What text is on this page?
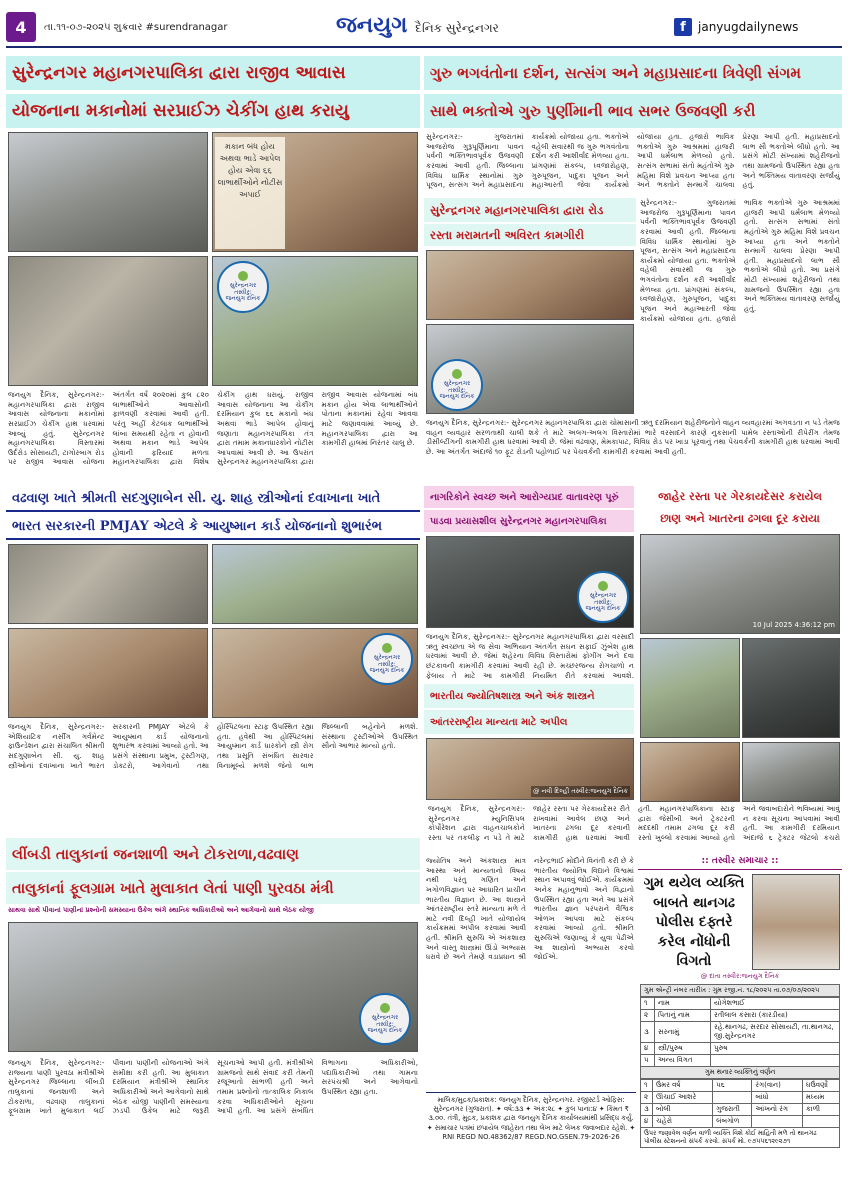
4	તા.૧૧-૦૭-૨૦૨૫ શુક્રવાર #surendranagar	જનયુગ દૈનિક સુરેન્દ્રનગર	f	janyugdailynews
સુરેન્દ્રનગર મહાનગરપાલિકા દ્વારા રાજીવ આવાસ
યોજનાના મકાનોમાં સરપ્રાઈઝ ચેકીંગ હાથ કરાયુ
મકાન બંધ હોય અથવા ભાડે આપેલ હોય એવા ૬૬ લાભાર્થીઓને નોટીસ અપાઈ
સુરેન્દ્રનગર
તસ્વીર:
જનયુગ દૈનિક
જનયુગ દૈનિક, સુરેન્દ્રનગર:- મહાનગરપાલિકા દ્વારા રાજીવ આવાસ યોજનાના મકાનોમાં સરપ્રાઈઝ ચેકીંગ હાથ ધરવામાં આવ્યું હતું. સુરેન્દ્રનગર મહાનગરપાલિકા વિસ્તારમાં ઉર્દરોડ સોસાયટી, ટાગોરબાગ રોડ પર રાજીવ આવાસ યોજના અંતર્ગત વર્ષ ૨૦૨૦માં કુલ ૮૨૦ લાભાર્થીઓને આવાસોની ફાળવણી કરવામાં આવી હતી. પરંતુ અહીં કેટલાક લાભાર્થીઓ લાંબા સમયથી રહેતા ન હોવાની અથવા મકાન ભાડે આપેલ હોવાની ફરિયાદ મળતા મહાનગરપાલિકા દ્વારા વિશેષ ચેકીંગ હાથ ધરાયું. રાજીવ આવાસ યોજનાના આ ચેકીંગ દરમિયાન કુલ ૬૬ મકાનો બંધ અથવા ભાડે આપેલ હોવાનું જણાતા મહાનગરપાલિકા તંત્ર દ્વારા તમામ મકાનધારકોને નોટીસ આપવામાં આવી છે. આ ઉપરાંત સુરેન્દ્રનગર મહાનગરપાલિકા દ્વારા રાજીવ આવાસ યોજનામાં બંધ મકાન હોય એવા લાભાર્થીઓને પોતાના મકાનમાં રહેવા આવવા માટે જણાવવામાં આવ્યું છે. મહાનગરપાલિકા દ્વારા આ કામગીરી હાલમાં નિરંતર ચાલુ છે.
ગુરુ ભગવંતોના દર્શન, સત્સંગ અને મહાપ્રસાદના ત્રિવેણી સંગમ
સાથે ભક્તોએ ગુરુ પુર્ણીમાની ભાવ સભર ઉજવણી કરી
સુરેન્દ્રનગર:- ગુજરાતમાં આજરોજ ગુરૂપૂર્ણિમાના પાવન પર્વની ભક્તિભાવપૂર્વક ઉજવણી કરવામાં આવી હતી. જિલ્લાના વિવિધ ધાર્મિક સ્થાનોમાં ગુરુ પૂજન, સત્સંગ અને મહાપ્રસાદના કાર્યક્રમો યોજાયા હતા. ભક્તોએ વહેલી સવારથી જ ગુરુ ભગવંતોના દર્શન કરી આશીર્વાદ મેળવ્યા હતા. પ્રાંગણમાં સંકલ્પ, ધ્વજારોહણ, ગુરુપૂજન, પાદુકા પૂજન અને મહાઆરતી જેવા કાર્યક્રમો યોજાયા હતા. હજારો ભાવિક ભક્તોએ ગુરુ આશ્રમમાં હાજરી આપી ધર્મલાભ મેળવ્યો હતો. સત્સંગ સભામાં સંતો મહંતોએ ગુરુ મહિમા વિશે પ્રવચન આપ્યા હતા અને ભક્તોને સન્માર્ગે ચાલવા પ્રેરણા આપી હતી. મહાપ્રસાદનો લાભ સૌ ભક્તોએ લીધો હતો. આ પ્રસંગે મોટી સંખ્યામાં શહેરીજનો તથા ગ્રામજનો ઉપસ્થિત રહ્યા હતા અને ભક્તિમય વાતાવરણ સર્જાયું હતું.
સુરેન્દ્રનગર મહાનગરપાલિકા દ્વારા રોડ
રસ્તા મરામતની અવિરત કામગીરી
સુરેન્દ્રનગર
તસ્વીર:
જનયુગ દૈનિક
જનયુગ દૈનિક, સુરેન્દ્રનગર:- સુરેન્દ્રનગર મહાનગરપાલિકા દ્વારા ચોમાસાની ઋતુ દરમિયાન શહેરીજનોને વાહન વ્યવહારમાં અગવડતા ન પડે તેમજ વાહન વ્યવહાર સરળતાથી ચાલી શકે તે માટે અલગ-અલગ વિસ્તારોમાં ભારે વરસાદને કારણે નુકસાની પામેલ રસ્તાઓની રીપેરીંગ તેમજ ડીસીલ્ટીંગની કામગીરી હાથ ધરવામાં આવી છે. જેમાં વઢવાણ, મેમકાપાટ, વિવિધ રોડ પર ખાડા પૂરવાનું તથા પેચવર્કની કામગીરી હાથ ધરવામાં આવી છે. આ અંતર્ગત અંદાજે ૧૦ ફૂટ રોડની પહોળાઈ પર પેચવર્કની કામગીરી કરવામાં આવી હતી.
સુરેન્દ્રનગર:- ગુજરાતમાં આજરોજ ગુરૂપૂર્ણિમાના પાવન પર્વની ભક્તિભાવપૂર્વક ઉજવણી કરવામાં આવી હતી. જિલ્લાના વિવિધ ધાર્મિક સ્થાનોમાં ગુરુ પૂજન, સત્સંગ અને મહાપ્રસાદના કાર્યક્રમો યોજાયા હતા. ભક્તોએ વહેલી સવારથી જ ગુરુ ભગવંતોના દર્શન કરી આશીર્વાદ મેળવ્યા હતા. પ્રાંગણમાં સંકલ્પ, ધ્વજારોહણ, ગુરુપૂજન, પાદુકા પૂજન અને મહાઆરતી જેવા કાર્યક્રમો યોજાયા હતા. હજારો ભાવિક ભક્તોએ ગુરુ આશ્રમમાં હાજરી આપી ધર્મલાભ મેળવ્યો હતો. સત્સંગ સભામાં સંતો મહંતોએ ગુરુ મહિમા વિશે પ્રવચન આપ્યા હતા અને ભક્તોને સન્માર્ગે ચાલવા પ્રેરણા આપી હતી. મહાપ્રસાદનો લાભ સૌ ભક્તોએ લીધો હતો. આ પ્રસંગે મોટી સંખ્યામાં શહેરીજનો તથા ગ્રામજનો ઉપસ્થિત રહ્યા હતા અને ભક્તિમય વાતાવરણ સર્જાયું હતું.
જાહેર રસ્તા પર ગેરકાયદેસર કરાયેલ
છાણ અને ખાતરના ઢગલા દૂર કરાયા
10 Jul 2025 4:36:12 pm
જનયુગ દૈનિક, સુરેન્દ્રનગર:- સુરેન્દ્રનગર મ્યુનિસિપલ કોર્પોરેશન દ્વારા વાહનચાલકોને રસ્તા પર તકલીફ ન પડે તે માટે જાહેર રસ્તા પર ગેરકાયદેસર રીતે રાખવામાં આવેલ છાણ અને ખાતરના ઢગલા દૂર કરવાની કામગીરી હાથ ધરવામાં આવી હતી. મહાનગરપાલિકાના સ્ટાફ દ્વારા જેસીબી અને ટ્રેક્ટરની મદદથી તમામ ઢગલા દૂર કરી રસ્તો ખુલ્લો કરવામાં આવ્યો હતો અને જવાબદારોને ભવિષ્યમાં આવું ન કરવા સૂચના આપવામાં આવી હતી. આ કામગીરી દરમિયાન અંદાજે ૬ ટ્રેક્ટર જેટલો કચરો
વઢવાણ ખાતે શ્રીમતી સદગુણાબેન સી. યુ. શાહ સ્ત્રીઓનાં દવાખાના ખાતે
ભારત સરકારની PMJAY એટલે કે આયુષ્માન કાર્ડ યોજનાનો શુભારંભ
સુરેન્દ્રનગર
તસ્વીર:
જનયુગ દૈનિક
જનયુગ દૈનિક, સુરેન્દ્રનગર:- એશિયાટિક નર્સીગ ગર્વમેન્ટ ફાઉન્ડેશન દ્વારા સંચાલિત શ્રીમતી સદગુણાબેન સી. યુ. શાહ સ્ત્રીઓનાં દવાખાના ખાતે ભારત સરકારની PMJAY એટલે કે આયુષ્માન કાર્ડ યોજનાનો શુભારંભ કરવામાં આવ્યો હતો. આ પ્રસંગે સંસ્થાના પ્રમુખ, ટ્રસ્ટીગણ, ડોક્ટરો, આગેવાનો તથા હોસ્પિટલના સ્ટાફ ઉપસ્થિત રહ્યા હતા. હવેથી આ હોસ્પિટલમાં આયુષ્માન કાર્ડ ધારકોને સ્ત્રી રોગ તથા પ્રસૂતિ સંબંધિત સારવાર વિનામૂલ્યે મળશે જેનો લાભ જિલ્લાની બહેનોને મળશે. સંસ્થાના ટ્રસ્ટીઓએ ઉપસ્થિત સૌનો આભાર માન્યો હતો.
નાગરિકોને સ્વચ્છ અને આરોગ્યપ્રદ વાતાવરણ પૂરું
પાડવા પ્રયાસશીલ સુરેન્દ્રનગર મહાનગરપાલિકા
સુરેન્દ્રનગર
તસ્વીર:
જનયુગ દૈનિક
જનયુગ દૈનિક, સુરેન્દ્રનગર:- સુરેન્દ્રનગર મહાનગરપાલિકા દ્વારા વરસાદી ઋતુ સ્વચ્છતા એ જ સેવા અભિયાન અંતર્ગત સઘન સફાઈ ઝુંબેશ હાથ ધરવામાં આવી છે. જેમાં શહેરના વિવિધ વિસ્તારોમાં ફોગીંગ અને દવા છંટકાવની કામગીરી કરવામાં આવી રહી છે. મચ્છરજન્ય રોગચાળો ન ફેલાય તે માટે આ કામગીરી નિયમિત રીતે કરવામાં આવશે.
ભારતીય જ્યોતિષશાસ્ત્ર અને અંક શાસ્ત્રને
આંતરરાષ્ટ્રીય માન્યતા માટે અપીલ
@ નવી દિલ્હી તસ્વીર:જનયુગ દૈનિક
જ્યોતિષ અને અંકશાસ્ત્ર માત્ર આસ્થા અને માન્યતાનો વિષય નથી પરંતુ ગણિત અને ખગોળવિજ્ઞાન પર આધારિત પ્રાચીન ભારતીય વિજ્ઞાન છે. આ શાસ્ત્રને આંતરરાષ્ટ્રીય સ્તરે માન્યતા મળે તે માટે નવી દિલ્હી ખાતે યોજાયેલ કાર્યક્રમમાં અપીલ કરવામાં આવી હતી. શ્રીમતિ સુરુચિ એ અંકશાસ્ત્ર અને વાસ્તુ શાસ્ત્રમાં ઊંડો અભ્યાસ ધરાવે છે અને તેમણે વડાપ્રધાન શ્રી નરેન્દ્રભાઈ મોદીને વિનંતી કરી છે કે ભારતીય જ્યોતિષ વિદ્યાને વિશ્વમાં સ્થાન અપાવવું જોઈએ. કાર્યક્રમમાં અનેક મહાનુભાવો અને વિદ્વાનો ઉપસ્થિત રહ્યા હતા અને આ પ્રસંગે ભારતીય જ્ઞાન પરંપરાને વૈશ્વિક ઓળખ આપવા માટે સંકલ્પ કરવામાં આવ્યો હતો. શ્રીમતિ સુરુચિએ જણાવ્યું કે યુવા પેઢીએ આ શાસ્ત્રોનો અભ્યાસ કરવો જોઈએ.
લીંબડી તાલુકાનાં જનશાળી અને ટોકરાળા,વઢવાણ
તાલુકાનાં ફૂલગ્રામ ખાતે મુલાકાત લેતાં પાણી પુરવઠા મંત્રી
સાથવા સાથે પીવાનાં પાણીનાં પ્રશ્નોની સમસ્યાના ઉકેલ અંગે સ્થાનિક અધિકારીઓ અને આગેવાનો સાથે બેઠક યોજી
સુરેન્દ્રનગર
તસ્વીર:
જનયુગ દૈનિક
જનયુગ દૈનિક, સુરેન્દ્રનગર:- રાજ્યના પાણી પુરવઠા મંત્રીશ્રીએ સુરેન્દ્રનગર જિલ્લાના લીંબડી તાલુકાનાં જનશાળી અને ટોકરાળા, વઢવાણ તાલુકાનાં ફૂલગ્રામ ખાતે મુલાકાત લઈ પીવાના પાણીની યોજનાઓ અંગે સમીક્ષા કરી હતી. આ મુલાકાત દરમિયાન મંત્રીશ્રીએ સ્થાનિક અધિકારીઓ અને આગેવાનો સાથે બેઠક યોજી પાણીની સમસ્યાના ઝડપી ઉકેલ માટે જરૂરી સૂચનાઓ આપી હતી. મંત્રીશ્રીએ ગ્રામજનો સાથે સંવાદ કરી તેમની રજૂઆતો સાંભળી હતી અને તમામ પ્રશ્નોનો તાત્કાલિક નિકાલ કરવા અધિકારીઓને સૂચના આપી હતી. આ પ્રસંગે સંબંધિત વિભાગના અધિકારીઓ, પદાધિકારીઓ તથા ગામના સરપંચશ્રી અને આગેવાનો ઉપસ્થિત રહ્યા હતા.
:: તસ્વીર સમાચાર ::
ગુમ થયેલ વ્યક્તિ બાબતે થાનગઢ પોલીસ દફ્તરે કરેલ નોંધોની વિગતો
@ દાંતા તસ્વીર:જનયુગ દૈનિક
ગુમ એન્ટ્રી નંબર તારીખ : ગુમ રજી.નં. ૧૮/૨૦૨૫ તા.૦૭/૦૭/૨૦૨૫
૧	નામ	યોગેશભાઈ
૨	પિતાનું નામ	રતીલાલ કંસારા (કારડીયા)
૩	સરનામું	રહે.થાનગઢ, સરદાર સોસાયટી, તા.થાનગઢ, જી.સુરેન્દ્રનગર
૪	સ્ત્રી/પુરુષ	પુરુષ
૫	અન્ય વિગત	
ગુમ થનાર વ્યક્તિનું વર્ણન
૧	ઉંમર વર્ષ	૫૬	રંગ(વાન)	ઘઉંવર્ણો
૨	ઊંચાઈ આશરે		બાંધો	મધ્યમ
૩	બોલી	ગુજરાતી	આંખનો રંગ	કાળી
૪	ચહેરો	લંબગોળ		
ઉપર જણાવેલ વર્ણન વાળી વ્યક્તિ વિશે કોઈ માહિતી મળે તો થાનગઢ પોલીસ સ્ટેશનનો સંપર્ક કરવો. સંપર્ક મો. ૯૭૫૫૬૧૨૯૨૭૧
માલિક/મુદ્રક/પ્રકાશક: જનયુગ દૈનિક, સુરેન્દ્રનગર. રજીસ્ટર્ડ ઓફિસ: સુરેન્દ્રનગર (ગુજરાત). ✦ વર્ષ:૩૩ ✦ અંક:૨૮ ✦ કુલ પાના:૪ ✦ કિંમત ₹ ૩.૦૦. તંત્રી, મુદ્રક, પ્રકાશક દ્વારા જનયુગ દૈનિક કાર્યાલયમાંથી પ્રસિદ્ધ કર્યું. ✦ સમાચાર પત્રમાં છપાયેલ જાહેરાત તથા લેખ માટે લેખક જવાબદાર રહેશે. ✦ RNI REGD NO.48362/87 REGD.NO.GSEN.79-2026-26
